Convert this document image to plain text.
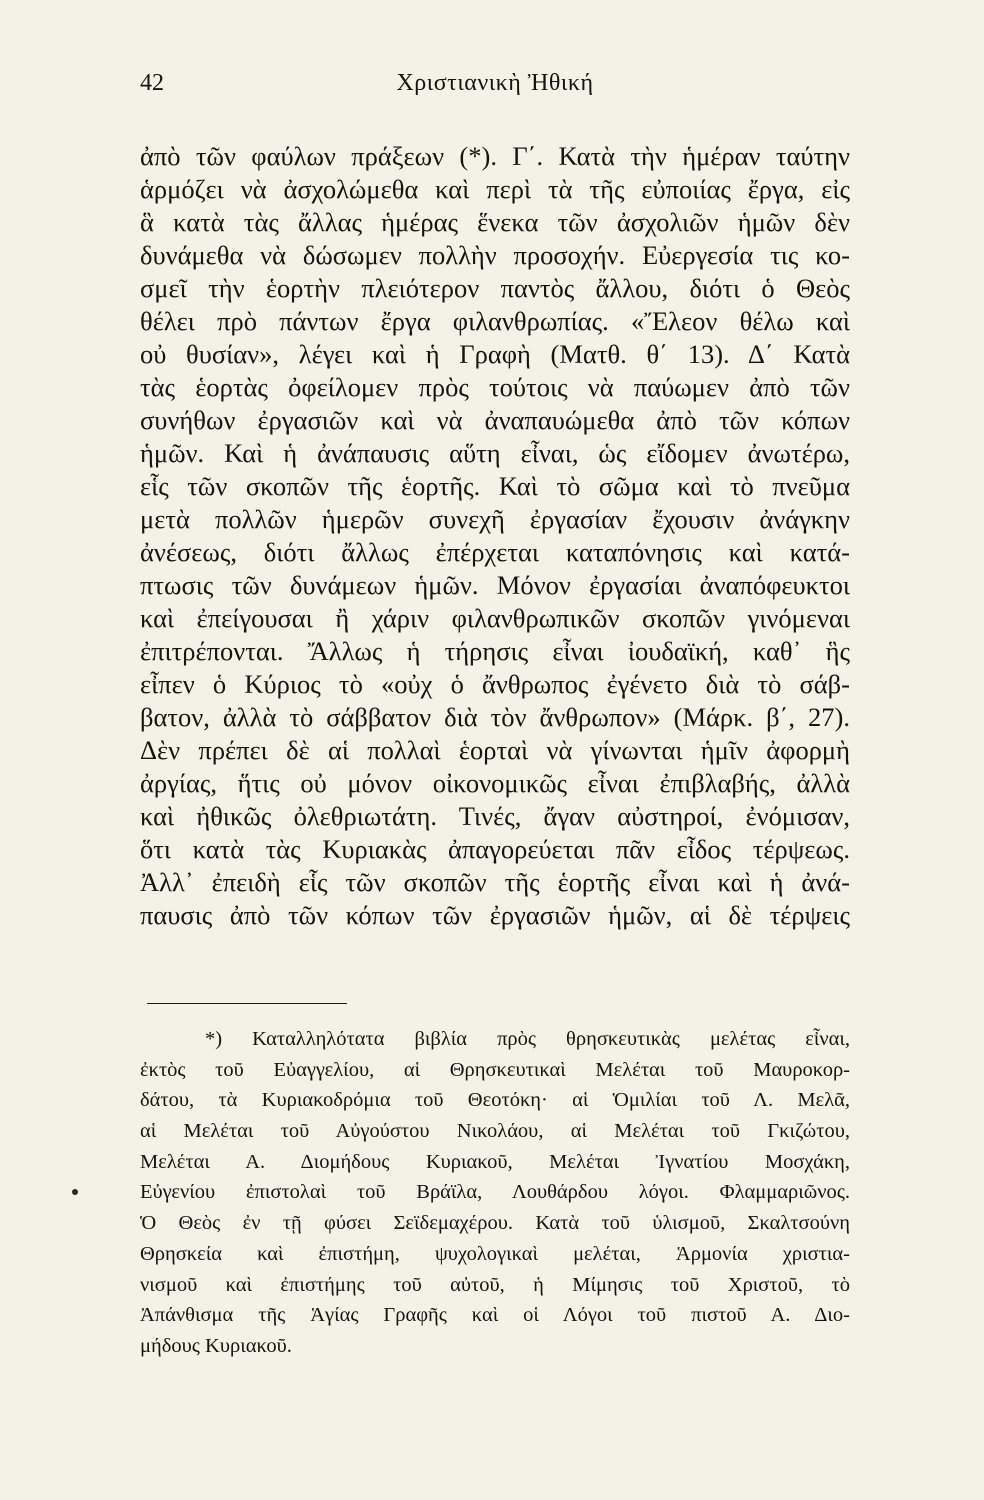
42	Χριστιανικὴ Ἠθική
ἀπὸ τῶν φαύλων πράξεων (*). Γ΄. Κατὰ τὴν ἡμέραν ταύτην
ἁρμόζει νὰ ἀσχολώμεθα καὶ περὶ τὰ τῆς εὐποιίας ἔργα, εἰς
ἃ κατὰ τὰς ἄλλας ἡμέρας ἕνεκα τῶν ἀσχολιῶν ἡμῶν δὲν
δυνάμεθα νὰ δώσωμεν πολλὴν προσοχήν. Εὐεργεσία τις κο-
σμεῖ τὴν ἑορτὴν πλειότερον παντὸς ἄλλου, διότι ὁ Θεὸς
θέλει πρὸ πάντων ἔργα φιλανθρωπίας. «Ἔλεον θέλω καὶ
οὐ θυσίαν», λέγει καὶ ἡ Γραφὴ (Ματθ. θ΄ 13). Δ΄ Κατὰ
τὰς ἑορτὰς ὀφείλομεν πρὸς τούτοις νὰ παύωμεν ἀπὸ τῶν
συνήθων ἐργασιῶν καὶ νὰ ἀναπαυώμεθα ἀπὸ τῶν κόπων
ἡμῶν. Καὶ ἡ ἀνάπαυσις αὕτη εἶναι, ὡς εἴδομεν ἀνωτέρω,
εἷς τῶν σκοπῶν τῆς ἑορτῆς. Καὶ τὸ σῶμα καὶ τὸ πνεῦμα
μετὰ πολλῶν ἡμερῶν συνεχῆ ἐργασίαν ἔχουσιν ἀνάγκην
ἀνέσεως, διότι ἄλλως ἐπέρχεται καταπόνησις καὶ κατά-
πτωσις τῶν δυνάμεων ἡμῶν. Μόνον ἐργασίαι ἀναπόφευκτοι
καὶ ἐπείγουσαι ἢ χάριν φιλανθρωπικῶν σκοπῶν γινόμεναι
ἐπιτρέπονται. Ἄλλως ἡ τήρησις εἶναι ἰουδαϊκή, καθ᾽ ἣς
εἶπεν ὁ Κύριος τὸ «οὐχ ὁ ἄνθρωπος ἐγένετο διὰ τὸ σάβ-
βατον, ἀλλὰ τὸ σάββατον διὰ τὸν ἄνθρωπον» (Μάρκ. β΄, 27).
Δὲν πρέπει δὲ αἱ πολλαὶ ἑορταὶ νὰ γίνωνται ἡμῖν ἀφορμὴ
ἀργίας, ἥτις οὐ μόνον οἰκονομικῶς εἶναι ἐπιβλαβής, ἀλλὰ
καὶ ἠθικῶς ὀλεθριωτάτη. Τινές, ἄγαν αὐστηροί, ἐνόμισαν,
ὅτι κατὰ τὰς Κυριακὰς ἀπαγορεύεται πᾶν εἶδος τέρψεως.
Ἀλλ᾽ ἐπειδὴ εἷς τῶν σκοπῶν τῆς ἑορτῆς εἶναι καὶ ἡ ἀνά-
παυσις ἀπὸ τῶν κόπων τῶν ἐργασιῶν ἡμῶν, αἱ δὲ τέρψεις
*) Καταλληλότατα βιβλία πρὸς θρησκευτικὰς μελέτας εἶναι,
ἐκτὸς τοῦ Εὐαγγελίου, αἱ Θρησκευτικαὶ Μελέται τοῦ Μαυροκορ-
δάτου, τὰ Κυριακοδρόμια τοῦ Θεοτόκη· αἱ Ὁμιλίαι τοῦ Λ. Μελᾶ,
αἱ Μελέται τοῦ Αὐγούστου Νικολάου, αἱ Μελέται τοῦ Γκιζώτου,
Μελέται Α. Διομήδους Κυριακοῦ, Μελέται Ἰγνατίου Μοσχάκη,
Εὐγενίου ἐπιστολαὶ τοῦ Βράϊλα, Λουθάρδου λόγοι. Φλαμμαριῶνος.
Ὁ Θεὸς ἐν τῇ φύσει Σεϊδεμαχέρου. Κατὰ τοῦ ὑλισμοῦ, Σκαλτσούνη
Θρησκεία καὶ ἐπιστήμη, ψυχολογικαὶ μελέται, Ἁρμονία χριστια-
νισμοῦ καὶ ἐπιστήμης τοῦ αὐτοῦ, ἡ Μίμησις τοῦ Χριστοῦ, τὸ
Ἀπάνθισμα τῆς Ἁγίας Γραφῆς καὶ οἱ Λόγοι τοῦ πιστοῦ Α. Διο-
μήδους Κυριακοῦ.
